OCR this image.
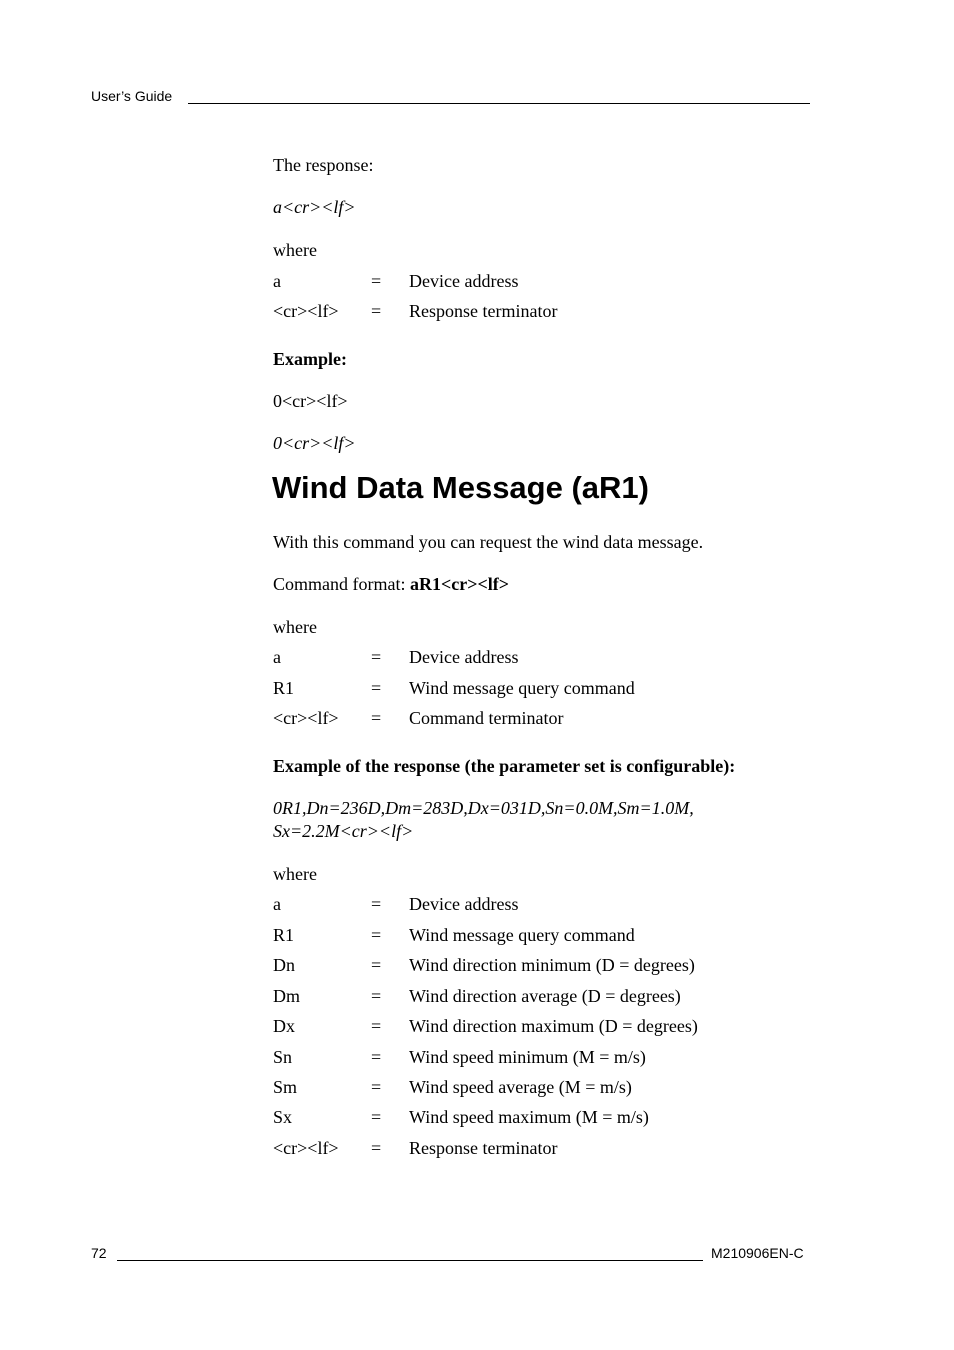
User’s Guide
The response:
a<cr><lf>
where
a	= Device address
<cr><lf> = Response terminator
Example:
0<cr><lf>
0<cr><lf>
Wind Data Message (aR1)
With this command you can request the wind data message.
Command format: aR1<cr><lf>
where
a	= Device address
R1	= Wind message query command
<cr><lf> = Command terminator
Example of the response (the parameter set is configurable):
0R1,Dn=236D,Dm=283D,Dx=031D,Sn=0.0M,Sm=1.0M,
Sx=2.2M<cr><lf>
where
a	= Device address
R1	= Wind message query command
Dn	= Wind direction minimum (D = degrees)
Dm	= Wind direction average (D = degrees)
Dx	= Wind direction maximum (D = degrees)
Sn	= Wind speed minimum (M = m/s)
Sm	= Wind speed average (M = m/s)
Sx	= Wind speed maximum (M = m/s)
<cr><lf> = Response terminator
72	M210906EN-C
